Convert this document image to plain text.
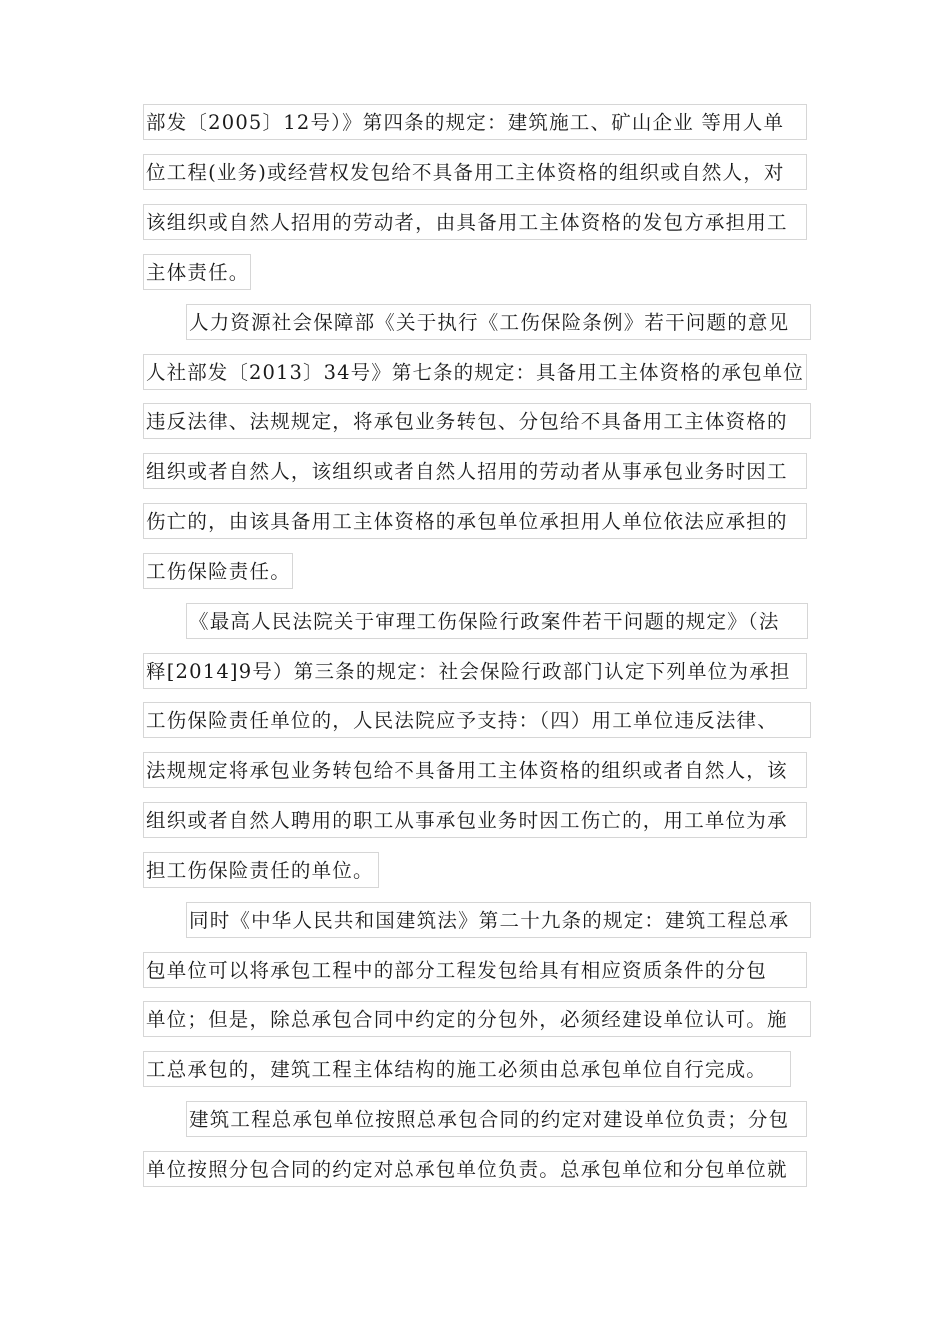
部发〔2005〕12号）》第四条的规定：建筑施工、矿山企业 等用人单
位工程(业务)或经营权发包给不具备用工主体资格的组织或自然人，对
该组织或自然人招用的劳动者，由具备用工主体资格的发包方承担用工
主体责任。
人力资源社会保障部《关于执行《工伤保险条例》若干问题的意见
人社部发〔2013〕34号》第七条的规定：具备用工主体资格的承包单位
违反法律、法规规定，将承包业务转包、分包给不具备用工主体资格的
组织或者自然人，该组织或者自然人招用的劳动者从事承包业务时因工
伤亡的，由该具备用工主体资格的承包单位承担用人单位依法应承担的
工伤保险责任。
《最高人民法院关于审理工伤保险行政案件若干问题的规定》（法
释[2014]9号）第三条的规定：社会保险行政部门认定下列单位为承担
工伤保险责任单位的，人民法院应予支持：（四）用工单位违反法律、
法规规定将承包业务转包给不具备用工主体资格的组织或者自然人，该
组织或者自然人聘用的职工从事承包业务时因工伤亡的，用工单位为承
担工伤保险责任的单位。
同时《中华人民共和国建筑法》第二十九条的规定：建筑工程总承
包单位可以将承包工程中的部分工程发包给具有相应资质条件的分包
单位；但是，除总承包合同中约定的分包外，必须经建设单位认可。施
工总承包的，建筑工程主体结构的施工必须由总承包单位自行完成。
建筑工程总承包单位按照总承包合同的约定对建设单位负责；分包
单位按照分包合同的约定对总承包单位负责。总承包单位和分包单位就
